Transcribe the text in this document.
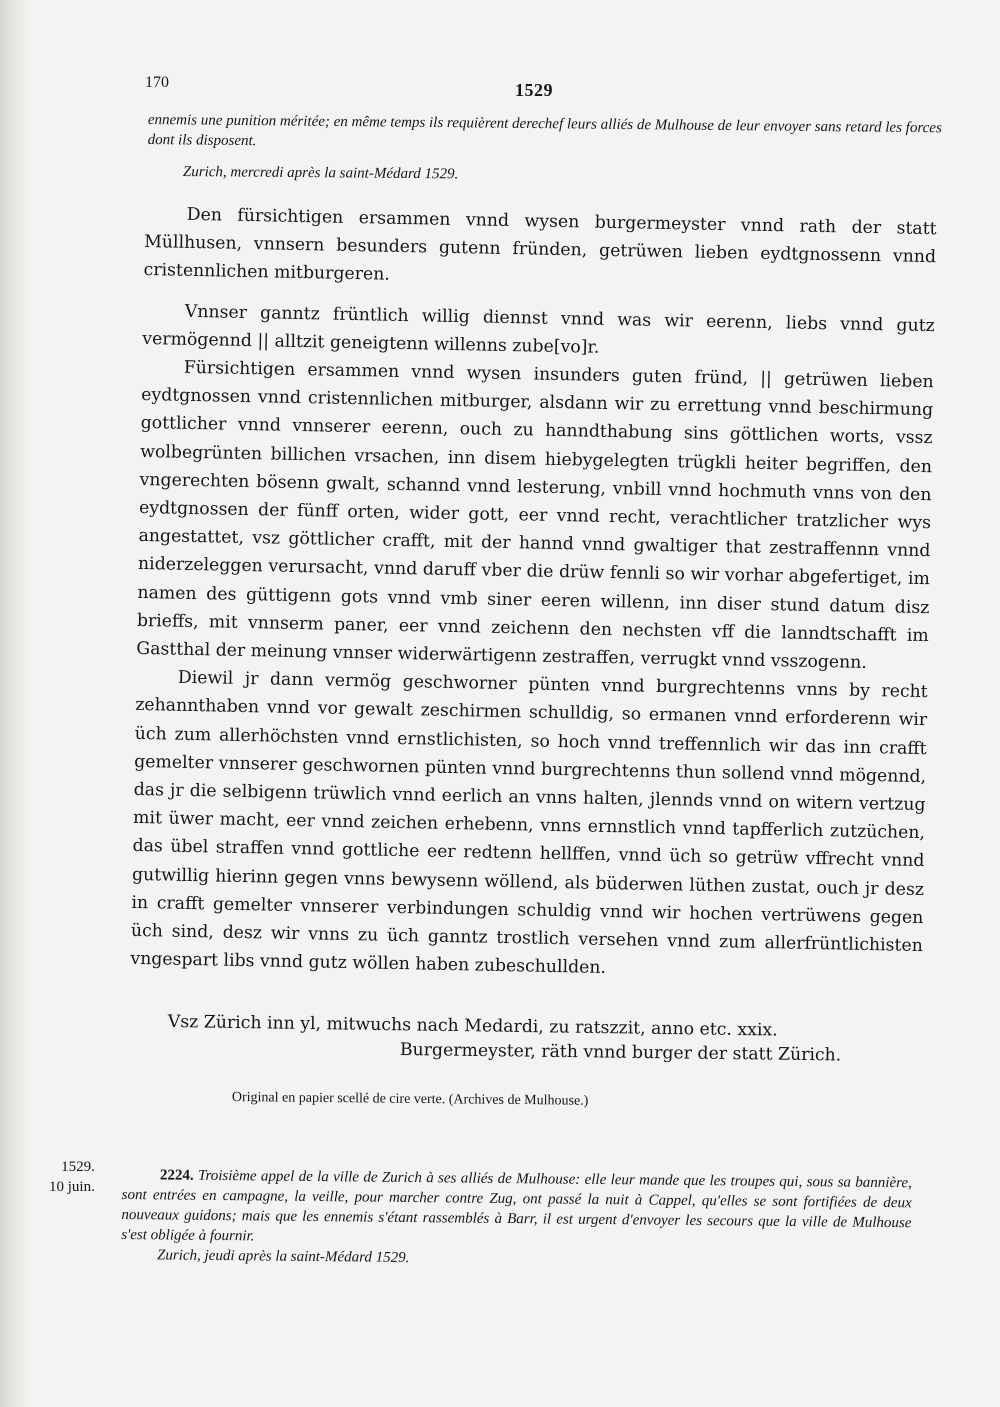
170	1529
ennemis une punition méritée; en même temps ils requièrent derechef leurs alliés de Mulhouse de leur envoyer sans retard les forces dont ils disposent.
Zurich, mercredi après la saint-Médard 1529.

Den fürsichtigen ersammen vnnd wysen burgermeyster vnnd rath der statt Müllhusen, vnnsern besunders gutenn fründen, getrüwen lieben eydtgnossenn vnnd cristennlichen mitburgeren.

Vnnser ganntz früntlich willig diennst vnnd was wir eerenn, liebs vnnd gutz vermögennd || alltzit geneigtenn willenns zube[vo]r.

Fürsichtigen ersammen vnnd wysen insunders guten fründ, || getrüwen lieben eydtgnossen vnnd cristennlichen mitburger, alsdann wir zu errettung vnnd beschirmung gottlicher vnnd vnnserer eerenn, ouch zu hanndthabung sins göttlichen worts, vssz wolbegrünten billichen vrsachen, inn disem hiebygelegten trügkli heiter begriffen, den vngerechten bösenn gwalt, schannd vnnd lesterung, vnbill vnnd hochmuth vnns von den eydtgnossen der fünff orten, wider gott, eer vnnd recht, verachtlicher tratzlicher wys angestattet, vsz göttlicher crafft, mit der hannd vnnd gwaltiger that zestraffennn vnnd niderzeleggen verursacht, vnnd daruff vber die drüw fennli so wir vorhar abgefertiget, im namen des güttigenn gots vnnd vmb siner eeren willenn, inn diser stund datum disz brieffs, mit vnnserm paner, eer vnnd zeichenn den nechsten vff die lanndtschafft im Gastthal der meinung vnnser widerwärtigenn zestraffen, verrugkt vnnd vsszogenn.

Diewil jr dann vermög geschworner pünten vnnd burgrechtenns vnns by recht zehannthaben vnnd vor gewalt zeschirmen schulldig, so ermanen vnnd erforderenn wir üch zum allerhöchsten vnnd ernstlichisten, so hoch vnnd treffennlich wir das inn crafft gemelter vnnserer geschwornen pünten vnnd burgrechtenns thun sollend vnnd mögennd, das jr die selbigenn trüwlich vnnd eerlich an vnns halten, jlennds vnnd on witern vertzug mit üwer macht, eer vnnd zeichen erhebenn, vnns ernnstlich vnnd tapfferlich zutzüchen, das übel straffen vnnd gottliche eer redtenn hellffen, vnnd üch so getrüw vffrecht vnnd gutwillig hierinn gegen vnns bewysenn wöllend, als büderwen lüthen zustat, ouch jr desz in crafft gemelter vnnserer verbindungen schuldig vnnd wir hochen vertrüwens gegen üch sind, desz wir vnns zu üch ganntz trostlich versehen vnnd zum allerfrüntlichisten vngespart libs vnnd gutz wöllen haben zubeschullden.

Vsz Zürich inn yl, mitwuchs nach Medardi, zu ratszzit, anno etc. xxix.
Burgermeyster, räth vnnd burger der statt Zürich.
Original en papier scellé de cire verte. (Archives de Mulhouse.)
1529.
10 juin.
2224. Troisième appel de la ville de Zurich à ses alliés de Mulhouse: elle leur mande que les troupes qui, sous sa bannière, sont entrées en campagne, la veille, pour marcher contre Zug, ont passé la nuit à Cappel, qu'elles se sont fortifiées de deux nouveaux guidons; mais que les ennemis s'étant rassemblés à Barr, il est urgent d'envoyer les secours que la ville de Mulhouse s'est obligée à fournir.
Zurich, jeudi après la saint-Médard 1529.
